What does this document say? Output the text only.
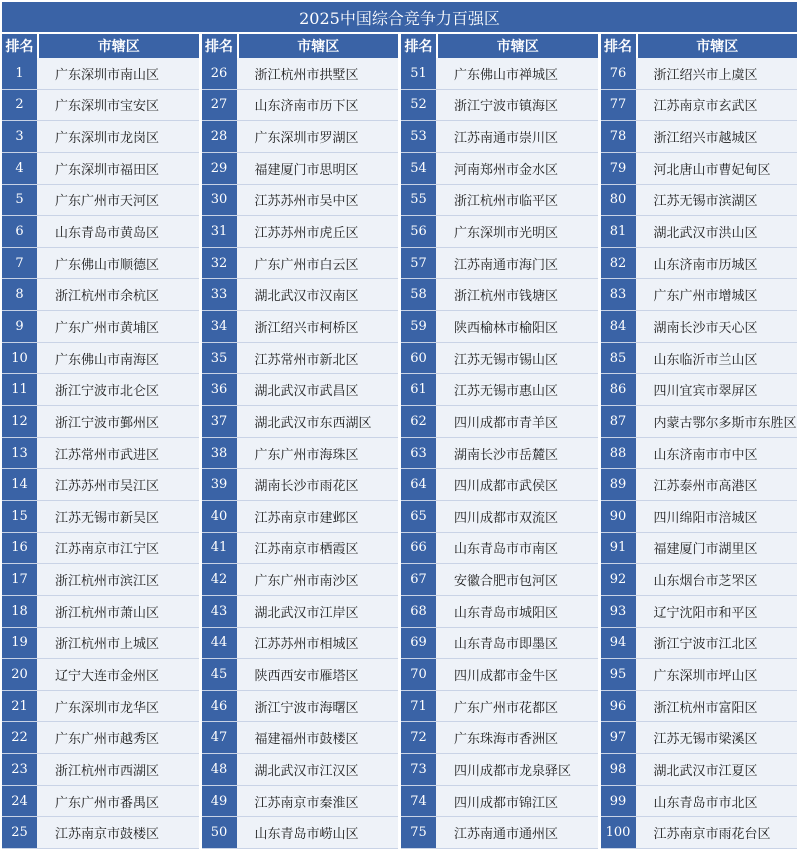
2025中国综合竞争力百强区
排名	市辖区
1	广东深圳市南山区
2	广东深圳市宝安区
3	广东深圳市龙岗区
4	广东深圳市福田区
5	广东广州市天河区
6	山东青岛市黄岛区
7	广东佛山市顺德区
8	浙江杭州市余杭区
9	广东广州市黄埔区
10	广东佛山市南海区
11	浙江宁波市北仑区
12	浙江宁波市鄞州区
13	江苏常州市武进区
14	江苏苏州市吴江区
15	江苏无锡市新吴区
16	江苏南京市江宁区
17	浙江杭州市滨江区
18	浙江杭州市萧山区
19	浙江杭州市上城区
20	辽宁大连市金州区
21	广东深圳市龙华区
22	广东广州市越秀区
23	浙江杭州市西湖区
24	广东广州市番禺区
25	江苏南京市鼓楼区
排名	市辖区
26	浙江杭州市拱墅区
27	山东济南市历下区
28	广东深圳市罗湖区
29	福建厦门市思明区
30	江苏苏州市吴中区
31	江苏苏州市虎丘区
32	广东广州市白云区
33	湖北武汉市汉南区
34	浙江绍兴市柯桥区
35	江苏常州市新北区
36	湖北武汉市武昌区
37	湖北武汉市东西湖区
38	广东广州市海珠区
39	湖南长沙市雨花区
40	江苏南京市建邺区
41	江苏南京市栖霞区
42	广东广州市南沙区
43	湖北武汉市江岸区
44	江苏苏州市相城区
45	陕西西安市雁塔区
46	浙江宁波市海曙区
47	福建福州市鼓楼区
48	湖北武汉市江汉区
49	江苏南京市秦淮区
50	山东青岛市崂山区
排名	市辖区
51	广东佛山市禅城区
52	浙江宁波市镇海区
53	江苏南通市崇川区
54	河南郑州市金水区
55	浙江杭州市临平区
56	广东深圳市光明区
57	江苏南通市海门区
58	浙江杭州市钱塘区
59	陕西榆林市榆阳区
60	江苏无锡市锡山区
61	江苏无锡市惠山区
62	四川成都市青羊区
63	湖南长沙市岳麓区
64	四川成都市武侯区
65	四川成都市双流区
66	山东青岛市市南区
67	安徽合肥市包河区
68	山东青岛市城阳区
69	山东青岛市即墨区
70	四川成都市金牛区
71	广东广州市花都区
72	广东珠海市香洲区
73	四川成都市龙泉驿区
74	四川成都市锦江区
75	江苏南通市通州区
排名	市辖区
76	浙江绍兴市上虞区
77	江苏南京市玄武区
78	浙江绍兴市越城区
79	河北唐山市曹妃甸区
80	江苏无锡市滨湖区
81	湖北武汉市洪山区
82	山东济南市历城区
83	广东广州市增城区
84	湖南长沙市天心区
85	山东临沂市兰山区
86	四川宜宾市翠屏区
87	内蒙古鄂尔多斯市东胜区
88	山东济南市市中区
89	江苏泰州市高港区
90	四川绵阳市涪城区
91	福建厦门市湖里区
92	山东烟台市芝罘区
93	辽宁沈阳市和平区
94	浙江宁波市江北区
95	广东深圳市坪山区
96	浙江杭州市富阳区
97	江苏无锡市梁溪区
98	湖北武汉市江夏区
99	山东青岛市市北区
100	江苏南京市雨花台区
